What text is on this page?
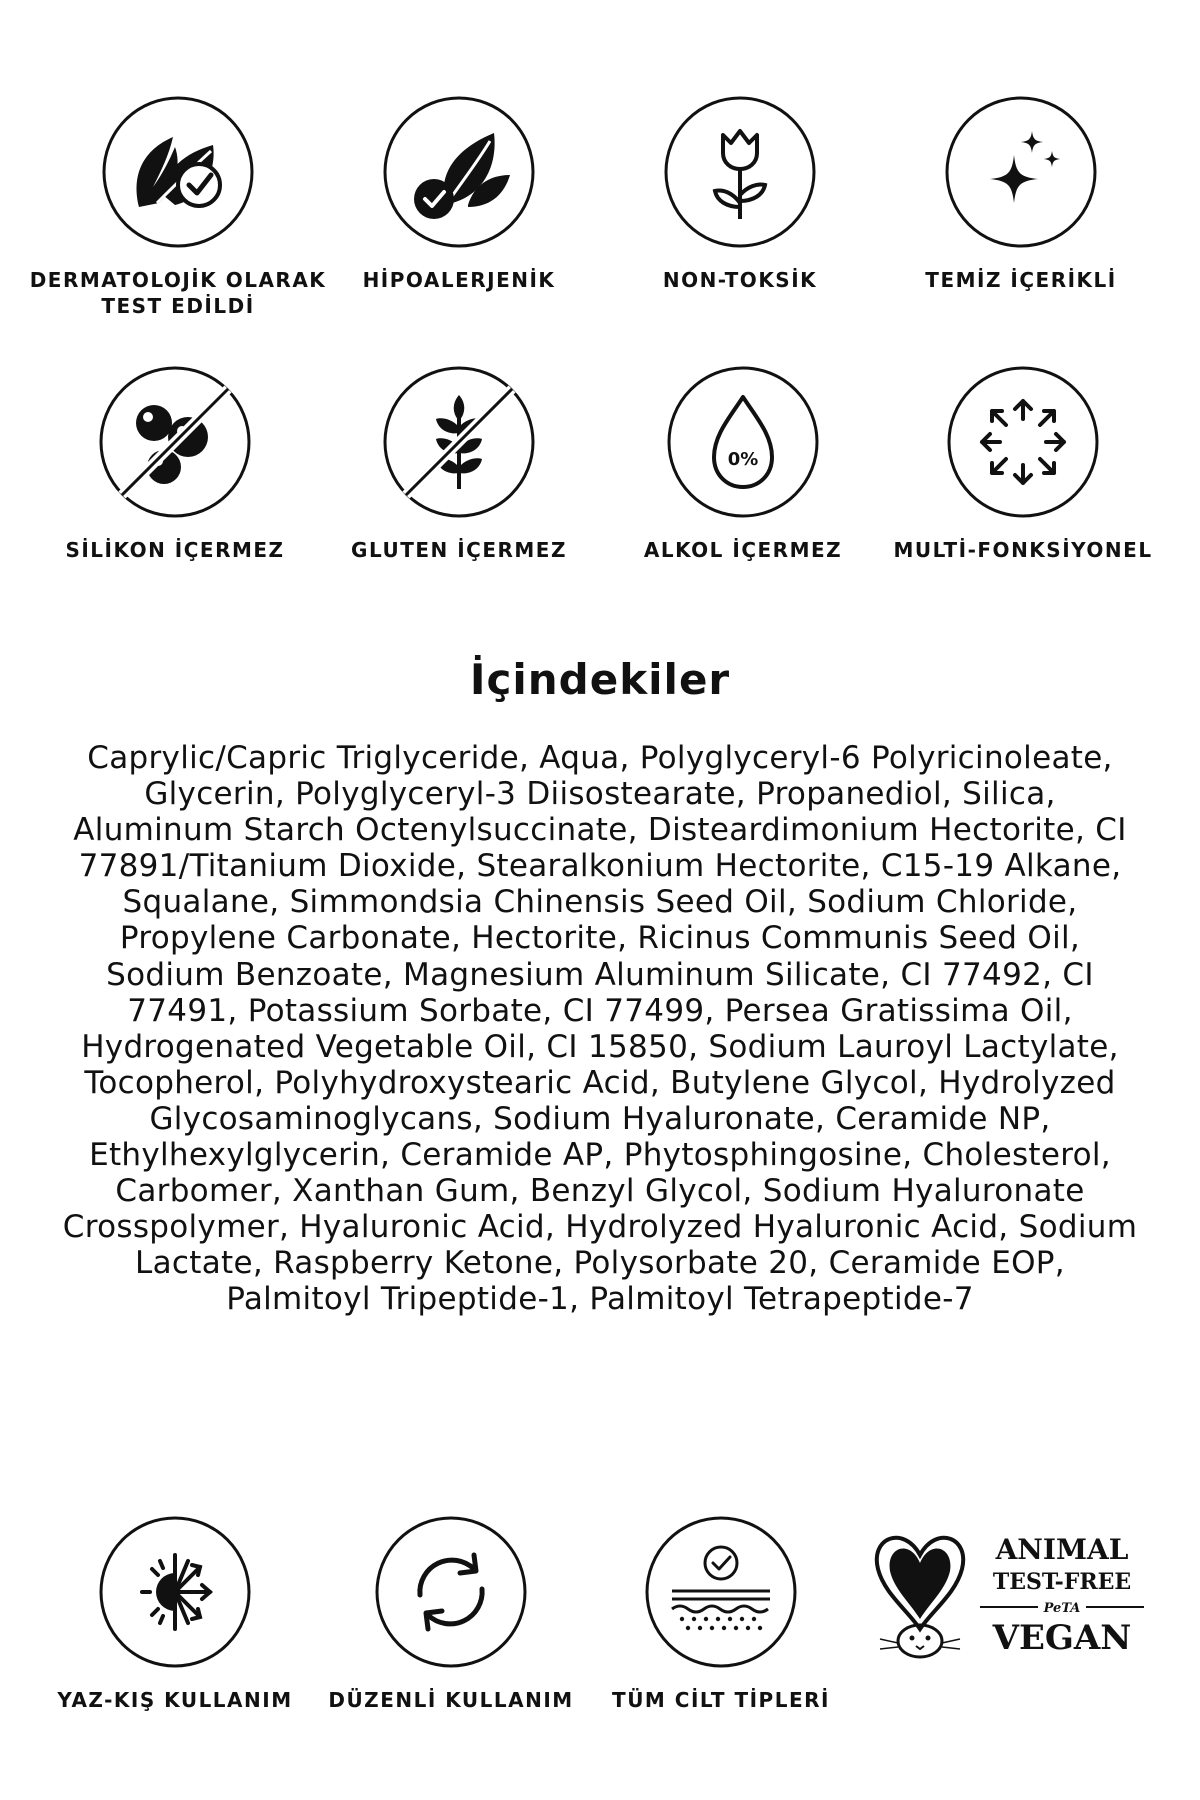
DERMATOLOJİK OLARAK
TEST EDİLDİ
HİPOALERJENİK	NON-TOKSİK	TEMİZ İÇERİKLİ
SİLİKON İÇERMEZ	GLUTEN İÇERMEZ
0%
ALKOL İÇERMEZ	MULTİ-FONKSİYONEL
İçindekiler
Caprylic/Capric Triglyceride, Aqua, Polyglyceryl-6 Polyricinoleate, Glycerin, Polyglyceryl-3 Diisostearate, Propanediol, Silica, Aluminum Starch Octenylsuccinate, Disteardimonium Hectorite, CI 77891/Titanium Dioxide, Stearalkonium Hectorite, C15-19 Alkane, Squalane, Simmondsia Chinensis Seed Oil, Sodium Chloride, Propylene Carbonate, Hectorite, Ricinus Communis Seed Oil, Sodium Benzoate, Magnesium Aluminum Silicate, CI 77492, CI 77491, Potassium Sorbate, CI 77499, Persea Gratissima Oil, Hydrogenated Vegetable Oil, CI 15850, Sodium Lauroyl Lactylate, Tocopherol, Polyhydroxystearic Acid, Butylene Glycol, Hydrolyzed Glycosaminoglycans, Sodium Hyaluronate, Ceramide NP, Ethylhexylglycerin, Ceramide AP, Phytosphingosine, Cholesterol, Carbomer, Xanthan Gum, Benzyl Glycol, Sodium Hyaluronate Crosspolymer, Hyaluronic Acid, Hydrolyzed Hyaluronic Acid, Sodium Lactate, Raspberry Ketone, Polysorbate 20, Ceramide EOP, Palmitoyl Tripeptide-1, Palmitoyl Tetrapeptide-7
YAZ-KIŞ KULLANIM DÜZENLİ KULLANIM TÜM CİLT TİPLERİ
ANIMAL
TEST-FREE
PeTA
VEGAN
